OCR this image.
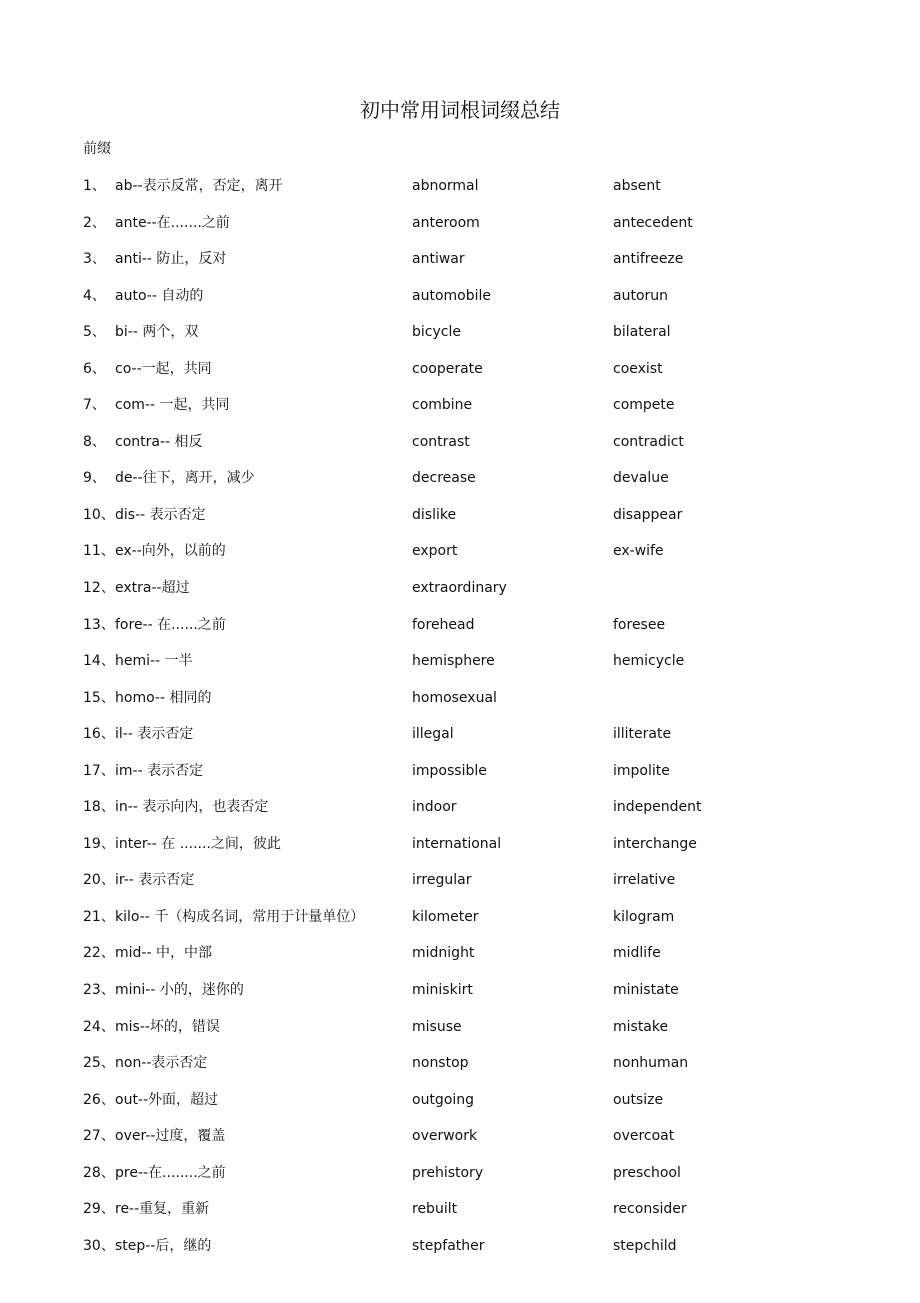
初中常用词根词缀总结
前缀
1、 ab--表示反常，否定，离开	abnormal	absent
2、 ante--在.......之前	anteroom	antecedent
3、 anti-- 防止，反对	antiwar	antifreeze
4、 auto-- 自动的	automobile	autorun
5、 bi-- 两个，双	bicycle	bilateral
6、 co--一起，共同	cooperate	coexist
7、 com-- 一起，共同	combine	compete
8、 contra-- 相反	contrast	contradict
9、 de--往下，离开，减少	decrease	devalue
10、 dis-- 表示否定	dislike	disappear
11、 ex--向外，以前的	export	ex-wife
12、 extra--超过	extraordinary
13、 fore-- 在......之前	forehead	foresee
14、 hemi-- 一半	hemisphere	hemicycle
15、 homo-- 相同的	homosexual
16、 il-- 表示否定	illegal	illiterate
17、 im-- 表示否定	impossible	impolite
18、 in-- 表示向内，也表否定	indoor	independent
19、 inter-- 在 .......之间，彼此	international	interchange
20、 ir-- 表示否定	irregular	irrelative
21、 kilo-- 千（构成名词，常用于计量单位）	kilometer	kilogram
22、 mid-- 中，中部	midnight	midlife
23、 mini-- 小的，迷你的	miniskirt	ministate
24、 mis--坏的，错误	misuse	mistake
25、 non--表示否定	nonstop	nonhuman
26、 out--外面，超过	outgoing	outsize
27、 over--过度，覆盖	overwork	overcoat
28、 pre--在........之前	prehistory	preschool
29、 re--重复，重新	rebuilt	reconsider
30、 step--后，继的	stepfather	stepchild
